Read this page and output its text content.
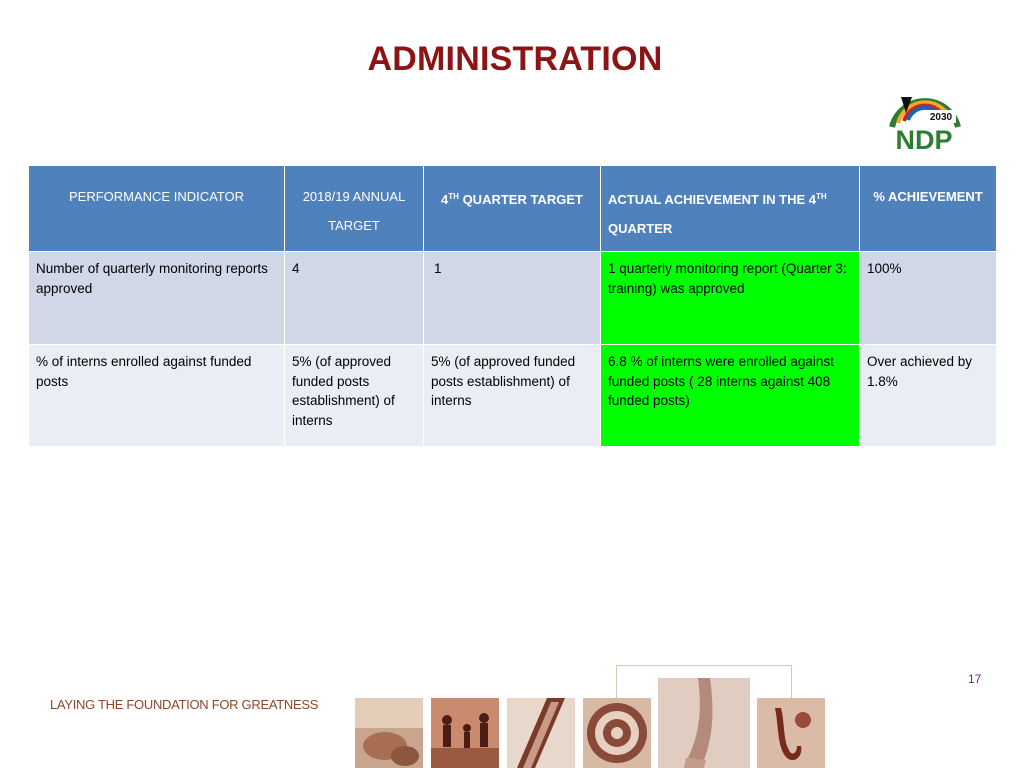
ADMINISTRATION
2030
NDP
PERFORMANCE INDICATOR	2018/19 ANNUAL TARGET	4TH QUARTER TARGET	ACTUAL ACHIEVEMENT IN THE 4TH QUARTER	% ACHIEVEMENT
Number of quarterly monitoring reports approved	4	1	1 quarterly monitoring report (Quarter 3: training) was approved	100%
% of interns enrolled against funded posts	5% (of approved funded posts establishment) of interns	5% (of approved funded posts establishment) of interns	6.8 % of interns were enrolled against funded posts ( 28 interns against 408 funded posts)	Over achieved by 1.8%
17
LAYING THE FOUNDATION FOR GREATNESS
